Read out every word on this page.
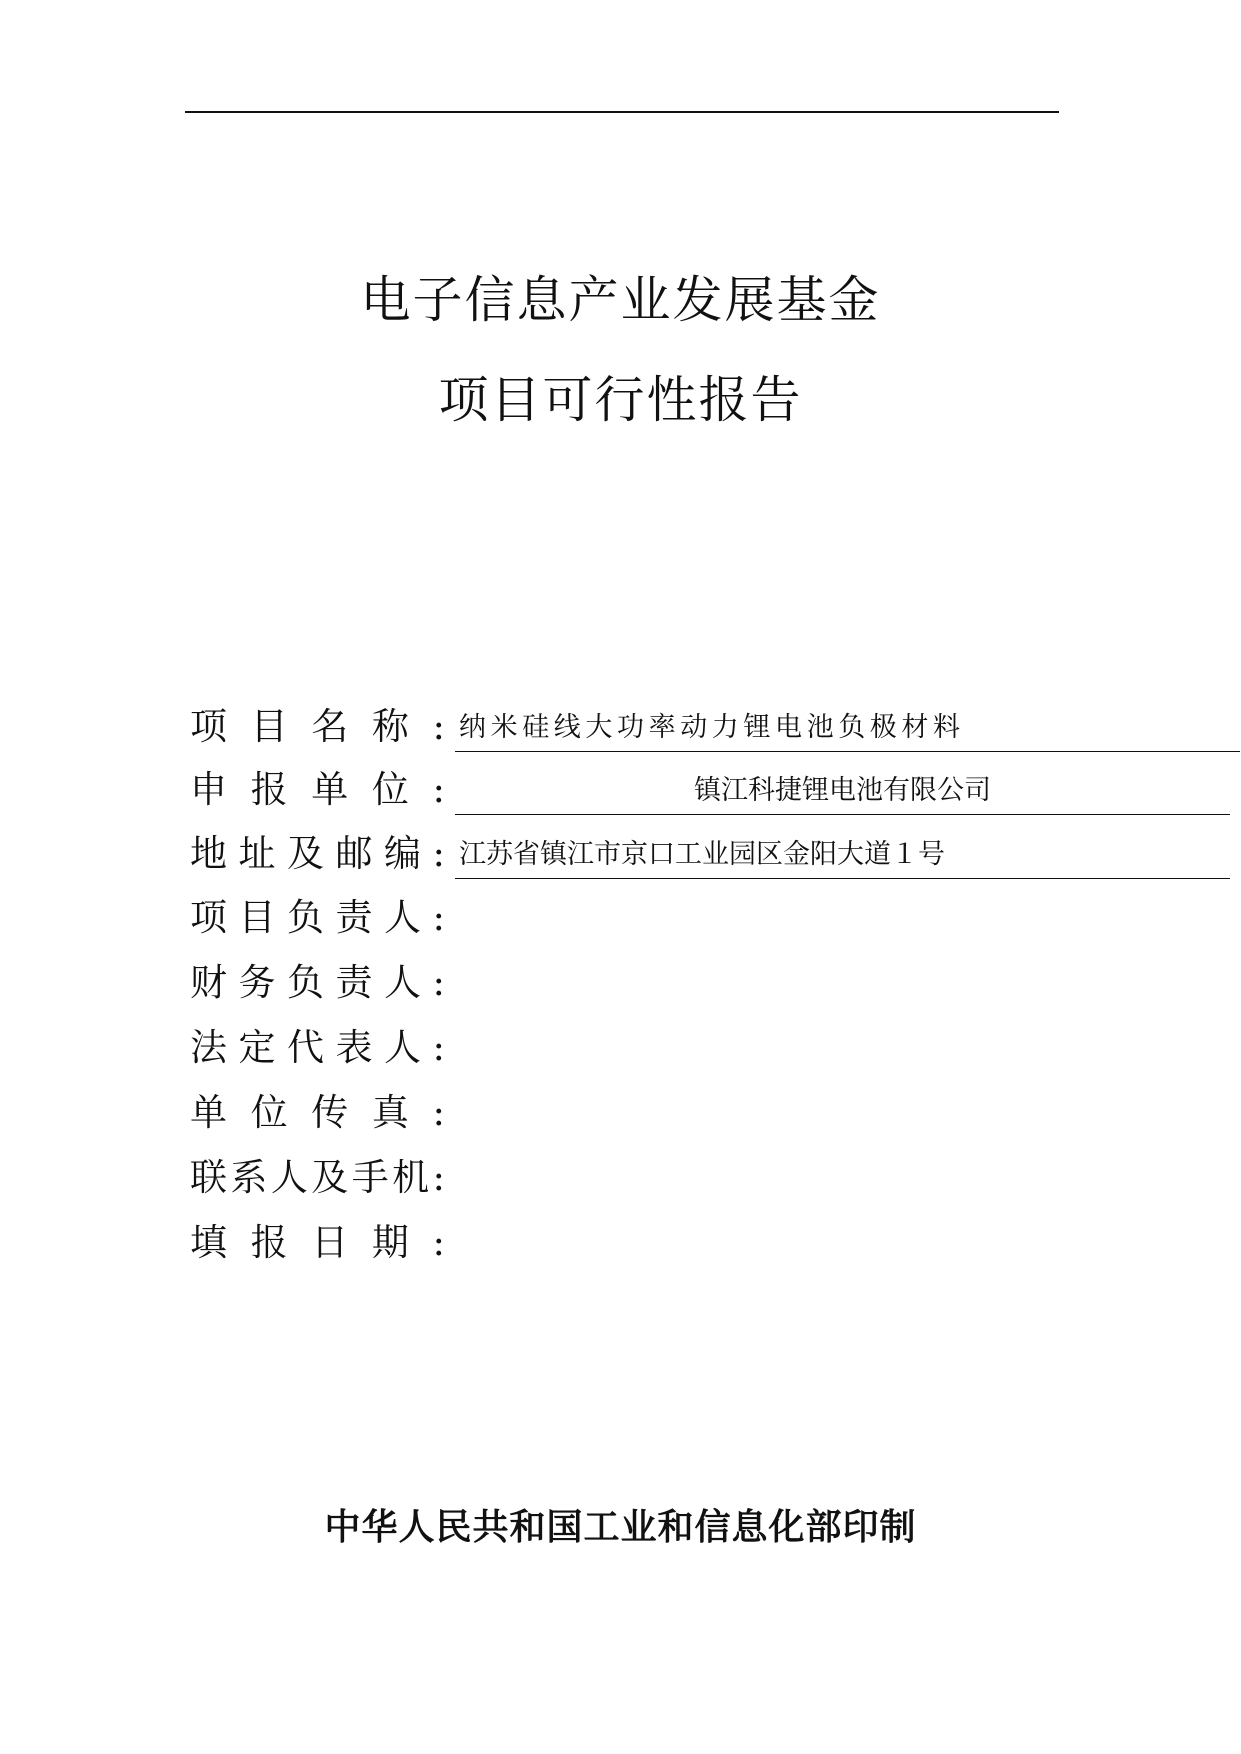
电子信息产业发展基金
项目可行性报告
项 目 名 称 : 纳米硅线大功率动力锂电池负极材料
申 报 单 位 :	镇江科捷锂电池有限公司
地 址 及 邮 编 : 江苏省镇江市京口工业园区金阳大道１号
项 目 负 责 人 :
财 务 负 责 人 :
法 定 代 表 人 :
单 位 传 真 :
联 系 人 及 手 机 :
填 报 日 期 :
中华人民共和国工业和信息化部印制
